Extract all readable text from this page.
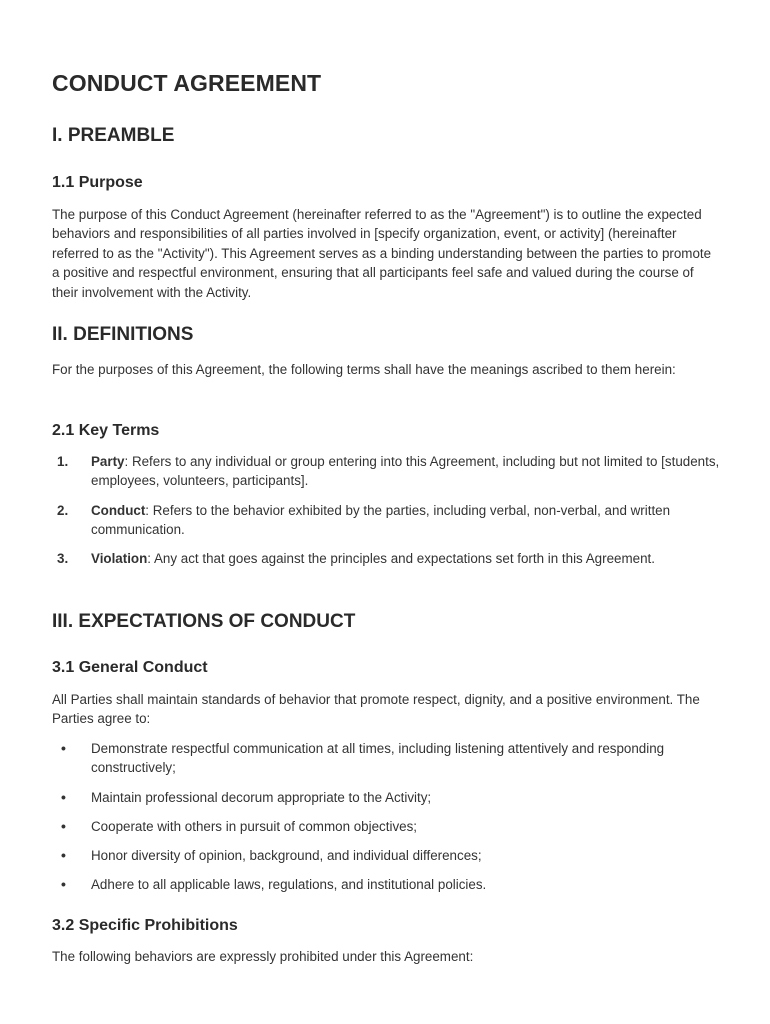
CONDUCT AGREEMENT
I. PREAMBLE
1.1 Purpose

The purpose of this Conduct Agreement (hereinafter referred to as the "Agreement") is to outline the expected behaviors and responsibilities of all parties involved in [specify organization, event, or activity] (hereinafter referred to as the "Activity"). This Agreement serves as a binding understanding between the parties to promote a positive and respectful environment, ensuring that all participants feel safe and valued during the course of their involvement with the Activity.

II. DEFINITIONS

For the purposes of this Agreement, the following terms shall have the meanings ascribed to them herein:

2.1 Key Terms
1. Party: Refers to any individual or group entering into this Agreement, including but not limited to [students, employees, volunteers, participants].
2. Conduct: Refers to the behavior exhibited by the parties, including verbal, non-verbal, and written communication.
3. Violation: Any act that goes against the principles and expectations set forth in this Agreement.
III. EXPECTATIONS OF CONDUCT
3.1 General Conduct

All Parties shall maintain standards of behavior that promote respect, dignity, and a positive environment. The Parties agree to:

• Demonstrate respectful communication at all times, including listening attentively and responding constructively;
• Maintain professional decorum appropriate to the Activity;
• Cooperate with others in pursuit of common objectives;
• Honor diversity of opinion, background, and individual differences;
• Adhere to all applicable laws, regulations, and institutional policies.
3.2 Specific Prohibitions

The following behaviors are expressly prohibited under this Agreement:
